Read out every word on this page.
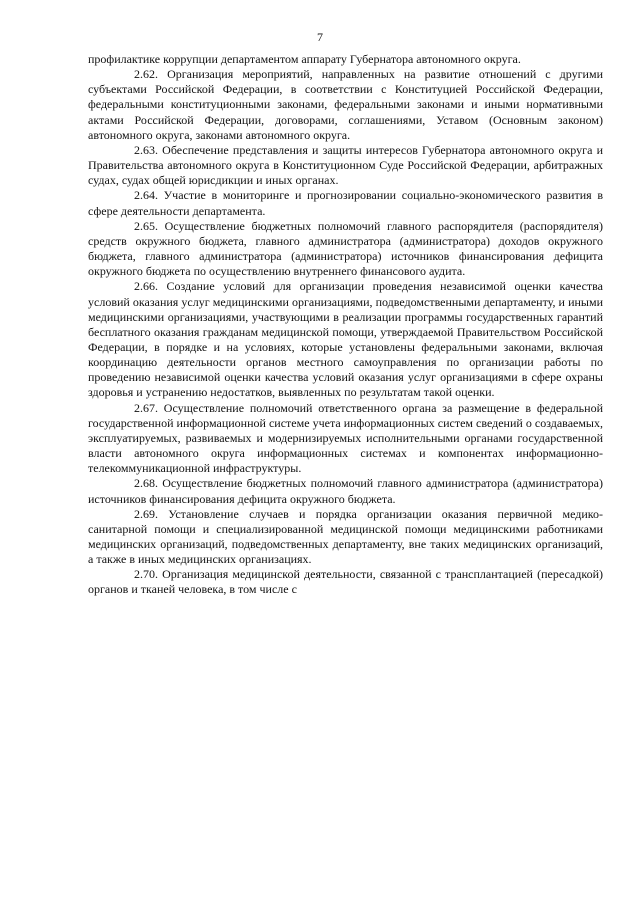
7

профилактике коррупции департаментом аппарату Губернатора автономного округа.

2.62. Организация мероприятий, направленных на развитие отношений с другими субъектами Российской Федерации, в соответствии с Конституцией Российской Федерации, федеральными конституционными законами, федеральными законами и иными нормативными актами Российской Федерации, договорами, соглашениями, Уставом (Основным законом) автономного округа, законами автономного округа.

2.63. Обеспечение представления и защиты интересов Губернатора автономного округа и Правительства автономного округа в Конституционном Суде Российской Федерации, арбитражных судах, судах общей юрисдикции и иных органах.

2.64. Участие в мониторинге и прогнозировании социально-экономического развития в сфере деятельности департамента.

2.65. Осуществление бюджетных полномочий главного распорядителя (распорядителя) средств окружного бюджета, главного администратора (администратора) доходов окружного бюджета, главного администратора (администратора) источников финансирования дефицита окружного бюджета по осуществлению внутреннего финансового аудита.

2.66. Создание условий для организации проведения независимой оценки качества условий оказания услуг медицинскими организациями, подведомственными департаменту, и иными медицинскими организациями, участвующими в реализации программы государственных гарантий бесплатного оказания гражданам медицинской помощи, утверждаемой Правительством Российской Федерации, в порядке и на условиях, которые установлены федеральными законами, включая координацию деятельности органов местного самоуправления по организации работы по проведению независимой оценки качества условий оказания услуг организациями в сфере охраны здоровья и устранению недостатков, выявленных по результатам такой оценки.

2.67. Осуществление полномочий ответственного органа за размещение в федеральной государственной информационной системе учета информационных систем сведений о создаваемых, эксплуатируемых, развиваемых и модернизируемых исполнительными органами государственной власти автономного округа информационных системах и компонентах информационно-телекоммуникационной инфраструктуры.

2.68. Осуществление бюджетных полномочий главного администратора (администратора) источников финансирования дефицита окружного бюджета.

2.69. Установление случаев и порядка организации оказания первичной медико-санитарной помощи и специализированной медицинской помощи медицинскими работниками медицинских организаций, подведомственных департаменту, вне таких медицинских организаций, а также в иных медицинских организациях.

2.70. Организация медицинской деятельности, связанной с трансплантацией (пересадкой) органов и тканей человека, в том числе с
